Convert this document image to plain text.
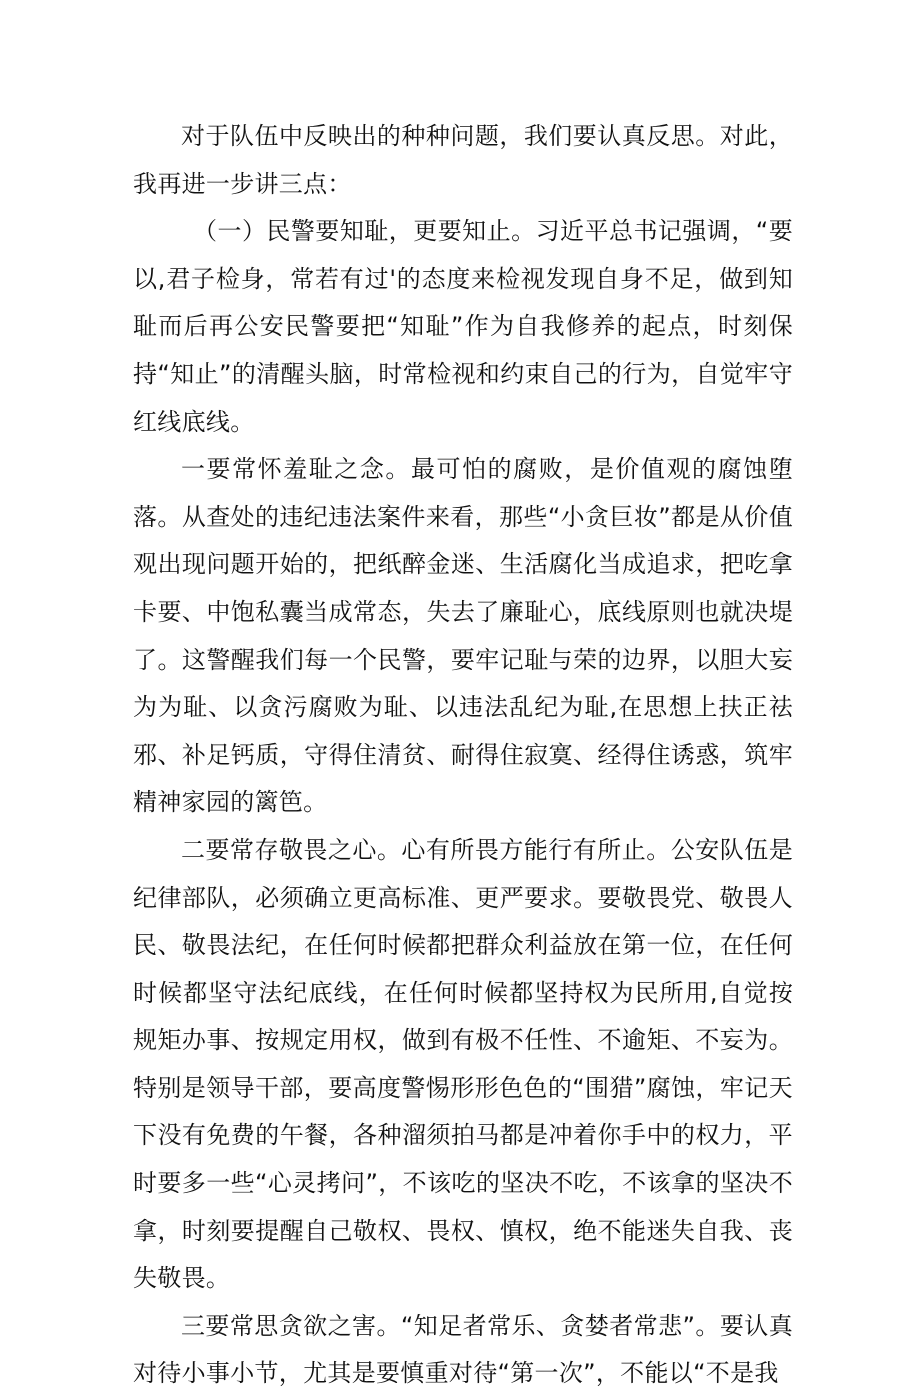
对于队伍中反映出的种种问题，我们要认真反思。对此，我再进一步讲三点：

（一）民警要知耻，更要知止。习近平总书记强调，“要以,君子检身，常若有过'的态度来检视发现自身不足，做到知耻而后再公安民警要把“知耻”作为自我修养的起点，时刻保持“知止”的清醒头脑，时常检视和约束自己的行为，自觉牢守红线底线。

一要常怀羞耻之念。最可怕的腐败，是价值观的腐蚀堕落。从查处的违纪违法案件来看，那些“小贪巨妆”都是从价值观出现问题开始的，把纸醉金迷、生活腐化当成追求，把吃拿卡要、中饱私囊当成常态，失去了廉耻心，底线原则也就决堤了。这警醒我们每一个民警，要牢记耻与荣的边界，以胆大妄为为耻、以贪污腐败为耻、以违法乱纪为耻,在思想上扶正祛邪、补足钙质，守得住清贫、耐得住寂寞、经得住诱惑，筑牢精神家园的篱笆。

二要常存敬畏之心。心有所畏方能行有所止。公安队伍是纪律部队，必须确立更高标准、更严要求。要敬畏党、敬畏人民、敬畏法纪，在任何时候都把群众利益放在第一位，在任何时候都坚守法纪底线，在任何时候都坚持权为民所用,自觉按规矩办事、按规定用权，做到有极不任性、不逾矩、不妄为。特别是领导干部，要高度警惕形形色色的“围猎”腐蚀，牢记天下没有免费的午餐，各种溜须拍马都是冲着你手中的权力，平时要多一些“心灵拷问”，不该吃的坚决不吃，不该拿的坚决不拿，时刻要提醒自己敬权、畏权、慎权，绝不能迷失自我、丧失敬畏。

三要常思贪欲之害。“知足者常乐、贪婪者常悲”。要认真对待小事小节，尤其是要慎重对待“第一次”，不能以“不是我
